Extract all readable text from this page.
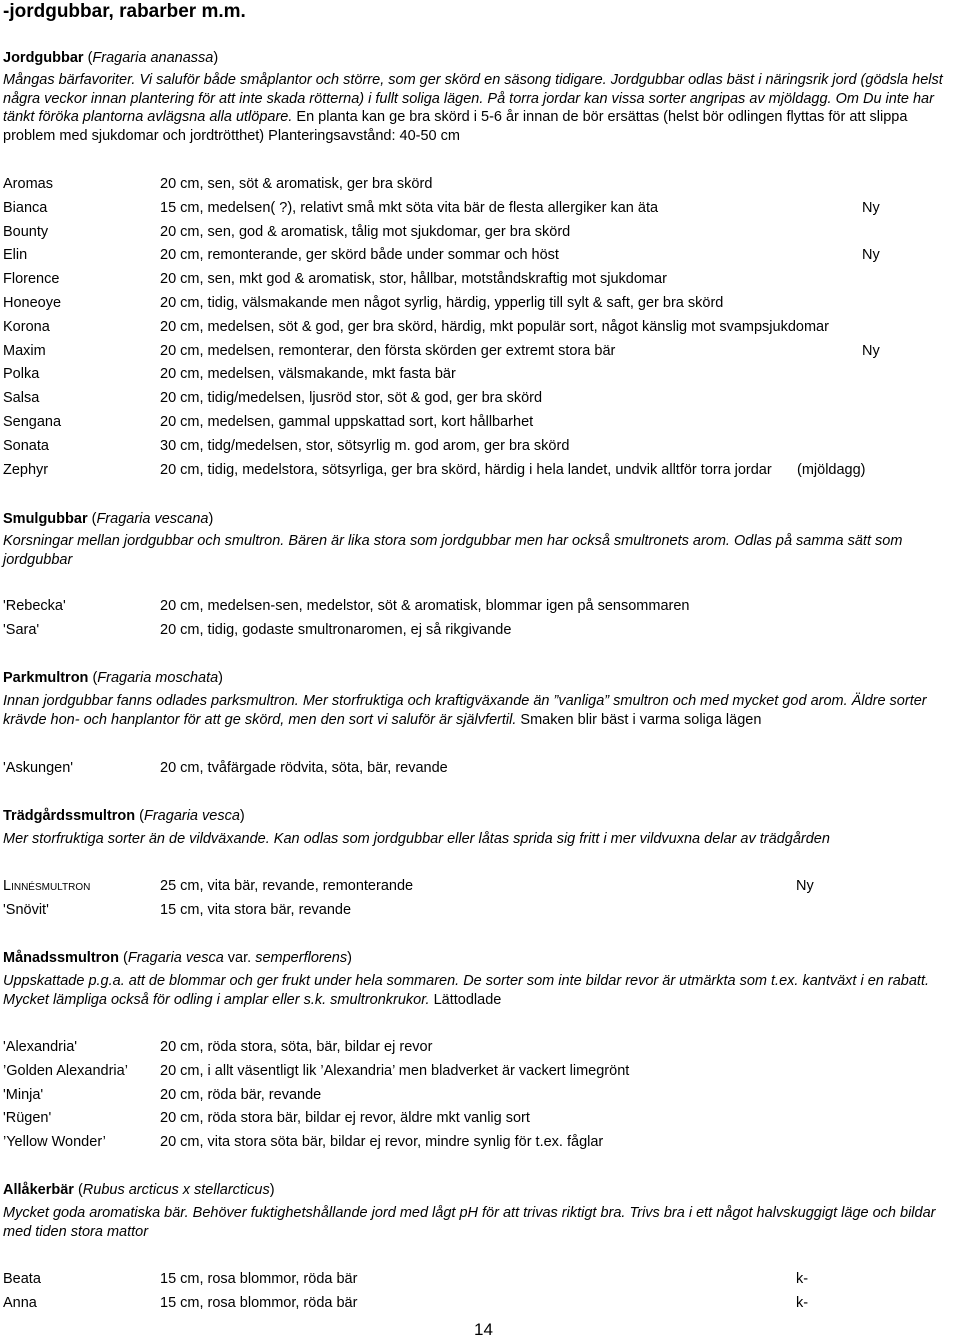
-jordgubbar, rabarber m.m.
Jordgubbar (Fragaria ananassa)
Mångas bärfavoriter. Vi saluför både småplantor och större, som ger skörd en säsong tidigare. Jordgubbar odlas bäst i näringsrik jord (gödsla helst några veckor innan plantering för att inte skada rötterna) i fullt soliga lägen. På torra jordar kan vissa sorter angripas av mjöldagg. Om Du inte har tänkt föröka plantorna avlägsna alla utlöpare. En planta kan ge bra skörd i 5-6 år innan de bör ersättas (helst bör odlingen flyttas för att slippa problem med sjukdomar och jordtrötthet) Planteringsavstånd: 40-50 cm
Aromas	20 cm, sen, söt & aromatisk, ger bra skörd
Bianca	15 cm, medelsen( ?), relativt små mkt söta vita bär de flesta allergiker kan äta	Ny
Bounty	20 cm, sen, god & aromatisk, tålig mot sjukdomar, ger bra skörd
Elin	20 cm, remonterande, ger skörd både under sommar och höst	Ny
Florence	20 cm, sen, mkt god & aromatisk, stor, hållbar, motståndskraftig mot sjukdomar
Honeoye	20 cm, tidig, välsmakande men något syrlig, härdig, ypperlig till sylt & saft, ger bra skörd
Korona	20 cm, medelsen, söt & god, ger bra skörd, härdig, mkt populär sort, något känslig mot svampsjukdomar
Maxim	20 cm, medelsen, remonterar, den första skörden ger extremt stora bär	Ny
Polka	20 cm, medelsen, välsmakande, mkt fasta bär
Salsa	20 cm, tidig/medelsen, ljusröd stor, söt & god, ger bra skörd
Sengana	20 cm, medelsen, gammal uppskattad sort, kort hållbarhet
Sonata	30 cm, tidg/medelsen, stor, sötsyrlig m. god arom, ger bra skörd
Zephyr	20 cm, tidig, medelstora, sötsyrliga, ger bra skörd, härdig i hela landet, undvik alltför torra jordar (mjöldagg)
Smulgubbar (Fragaria vescana)
Korsningar mellan jordgubbar och smultron. Bären är lika stora som jordgubbar men har också smultronets arom. Odlas på samma sätt som jordgubbar
'Rebecka'	20 cm, medelsen-sen, medelstor, söt & aromatisk, blommar igen på sensommaren
'Sara'	20 cm, tidig, godaste smultronaromen, ej så rikgivande
Parkmultron (Fragaria moschata)
Innan jordgubbar fanns odlades parksmultron. Mer storfruktiga och kraftigväxande än ”vanliga” smultron och med mycket god arom. Äldre sorter krävde hon- och hanplantor för att ge skörd, men den sort vi saluför är självfertil. Smaken blir bäst i varma soliga lägen
'Askungen'	20 cm, tvåfärgade rödvita, söta, bär, revande
Trädgårdssmultron (Fragaria vesca)
Mer storfruktiga sorter än de vildväxande. Kan odlas som jordgubbar eller låtas sprida sig fritt i mer vildvuxna delar av trädgården
Linnésmultron	25 cm, vita bär, revande, remonterande	Ny
'Snövit'	15 cm, vita stora bär, revande
Månadssmultron (Fragaria vesca var. semperflorens)
Uppskattade p.g.a. att de blommar och ger frukt under hela sommaren. De sorter som inte bildar revor är utmärkta som t.ex. kantväxt i en rabatt. Mycket lämpliga också för odling i amplar eller s.k. smultronkrukor. Lättodlade
'Alexandria'	20 cm, röda stora, söta, bär, bildar ej revor
’Golden Alexandria’ 20 cm, i allt väsentligt lik ’Alexandria’ men bladverket är vackert limegrönt
'Minja'	20 cm, röda bär, revande
'Rügen'	20 cm, röda stora bär, bildar ej revor, äldre mkt vanlig sort
’Yellow Wonder’	20 cm, vita stora söta bär, bildar ej revor, mindre synlig för t.ex. fåglar
Allåkerbär (Rubus arcticus x stellarcticus)
Mycket goda aromatiska bär. Behöver fuktighetshållande jord med lågt pH för att trivas riktigt bra. Trivs bra i ett något halvskuggigt läge och bildar med tiden stora mattor
Beata	15 cm, rosa blommor, röda bär	k-
Anna	15 cm, rosa blommor, röda bär	k-
14
